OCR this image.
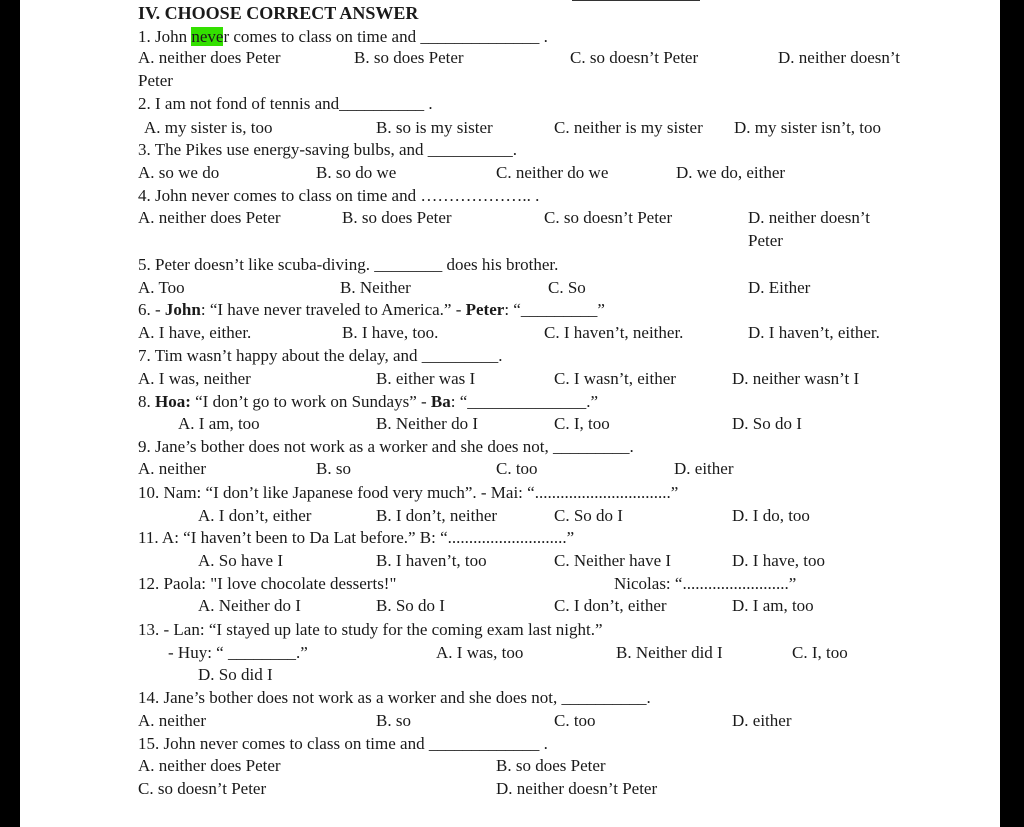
IV. CHOOSE CORRECT ANSWER
1. John never comes to class on time and ______________ .
A. neither does Peter	B. so does Peter	C. so doesn’t Peter	D. neither doesn’t
Peter
2. I am not fond of tennis and__________ .
A. my sister is, too	B. so is my sister	C. neither is my sister D. my sister isn’t, too
3. The Pikes use energy-saving bulbs, and __________.
A. so we do	B. so do we	C. neither do we	D. we do, either
4. John never comes to class on time and ……………….. .
A. neither does Peter	B. so does Peter	C. so doesn’t Peter	D. neither doesn’t
Peter
5. Peter doesn’t like scuba-diving. ________ does his brother.
A. Too	B. Neither	C. So	D. Either
6. - John: “I have never traveled to America.” - Peter: “_________”
A. I have, either.	B. I have, too.	C. I haven’t, neither.	D. I haven’t, either.
7. Tim wasn’t happy about the delay, and _________.
A. I was, neither	B. either was I	C. I wasn’t, either	D. neither wasn’t I
8. Hoa: “I don’t go to work on Sundays” - Ba: “______________.”
A. I am, too	B. Neither do I	C. I, too	D. So do I
9. Jane’s bother does not work as a worker and she does not, _________.
A. neither	B. so	C. too	D. either
10. Nam: “I don’t like Japanese food very much”. - Mai: “................................”
A. I don’t, either	B. I don’t, neither	C. So do I	D. I do, too
11. A: “I haven’t been to Da Lat before.” B: “............................”
A. So have I	B. I haven’t, too	C. Neither have I	D. I have, too
12. Paola: "I love chocolate desserts!"	Nicolas: “.........................”
A. Neither do I	B. So do I	C. I don’t, either	D. I am, too
13. - Lan: “I stayed up late to study for the coming exam last night.”
- Huy: “ ________.”	A. I was, too	B. Neither did I	C. I, too
D. So did I
14. Jane’s bother does not work as a worker and she does not, __________.
A. neither	B. so	C. too	D. either
15. John never comes to class on time and _____________ .
A. neither does Peter	B. so does Peter
C. so doesn’t Peter	D. neither doesn’t Peter
